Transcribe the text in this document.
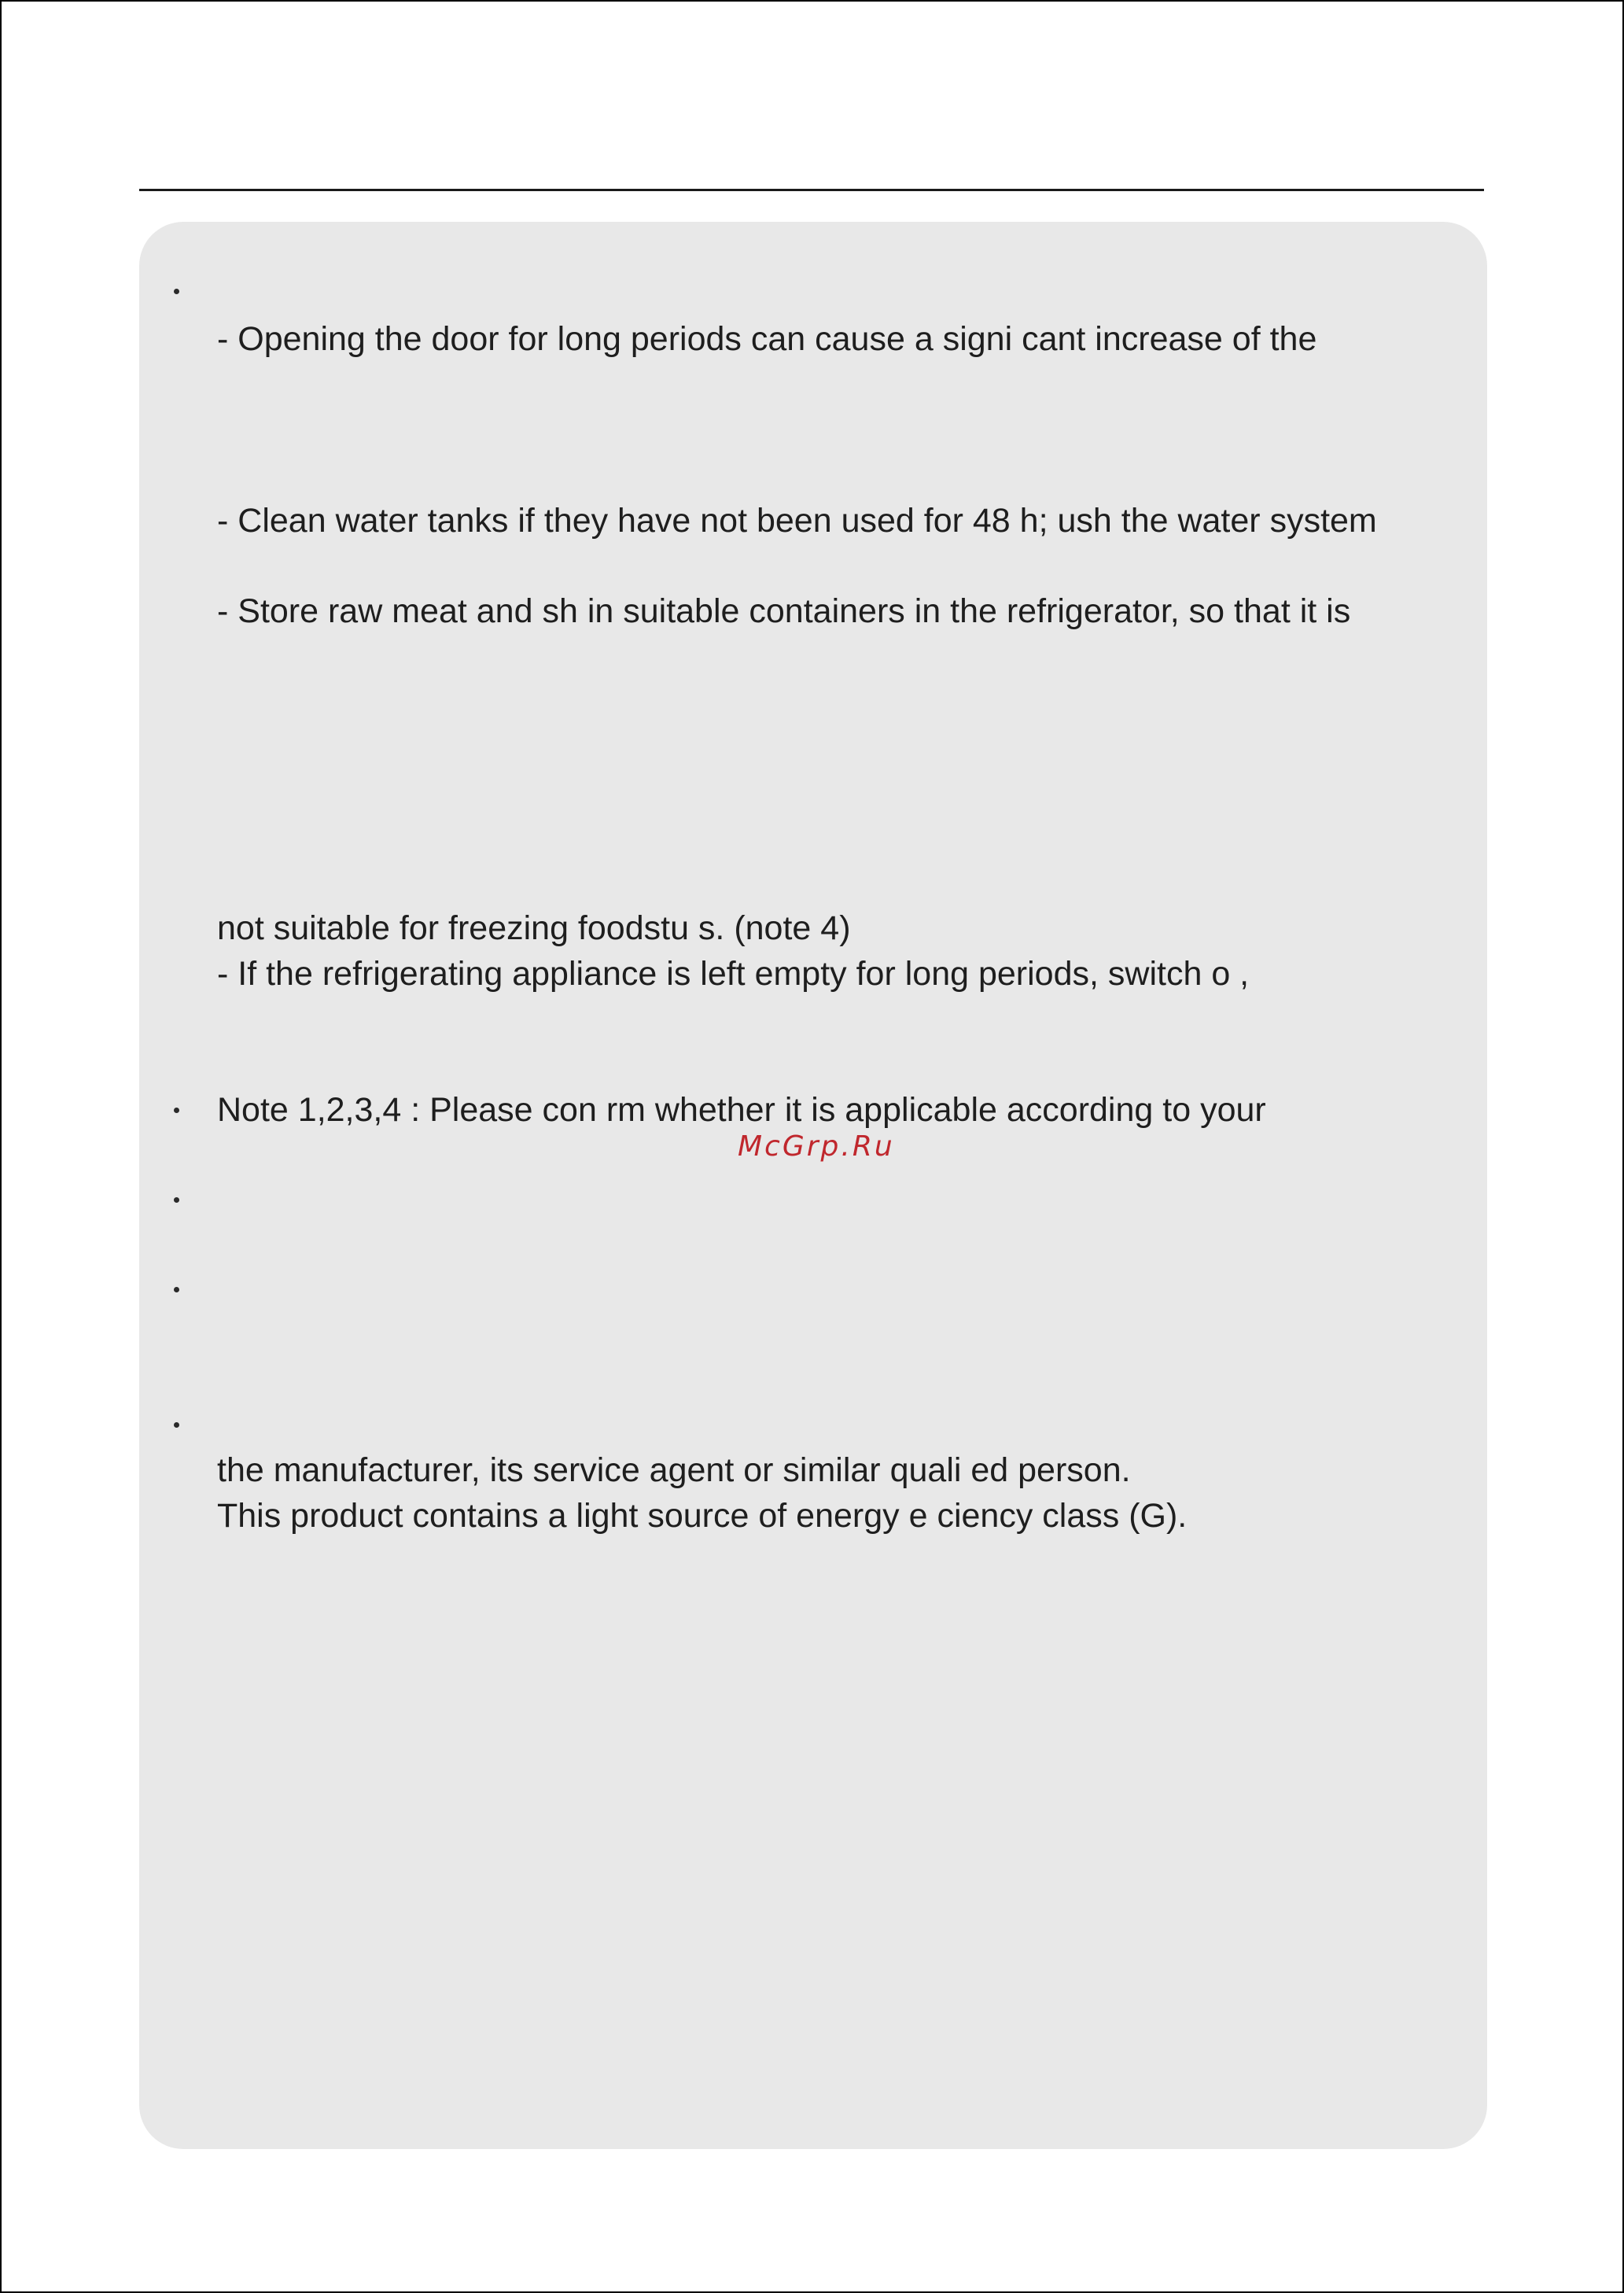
- Opening the door for long periods can cause a signi cant increase of the
- Clean water tanks if they have not been used for 48 h; ush the water system
- Store raw meat and sh in suitable containers in the refrigerator, so that it is
not suitable for freezing foodstu s. (note 4)
- If the refrigerating appliance is left empty for long periods, switch o ,
Note 1,2,3,4 : Please con rm whether it is applicable according to your
McGrp.Ru
the manufacturer, its service agent or similar quali ed person.
This product contains a light source of energy e ciency class (G).
